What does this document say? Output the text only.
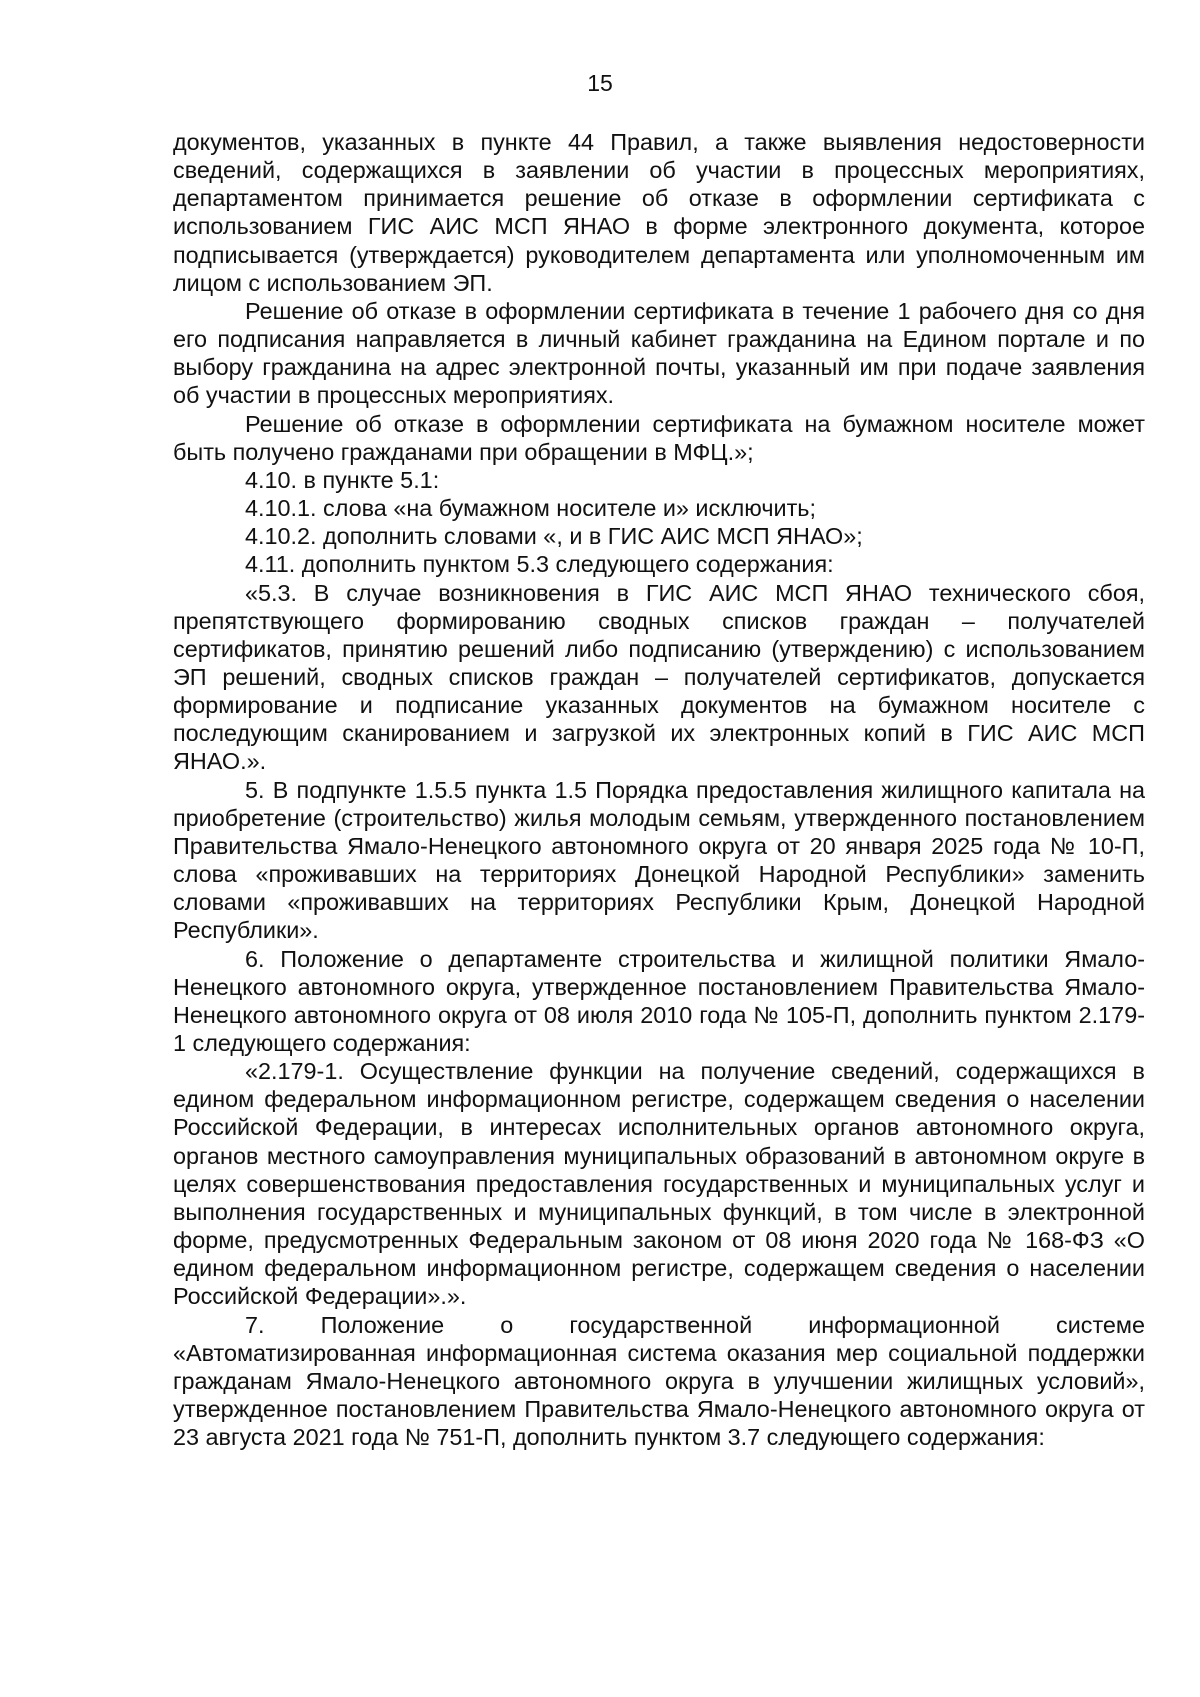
15

документов, указанных в пункте 44 Правил, а также выявления недостоверности сведений, содержащихся в заявлении об участии в процессных мероприятиях, департаментом принимается решение об отказе в оформлении сертификата с использованием ГИС АИС МСП ЯНАО в форме электронного документа, которое подписывается (утверждается) руководителем департамента или уполномоченным им лицом с использованием ЭП.

Решение об отказе в оформлении сертификата в течение 1 рабочего дня со дня его подписания направляется в личный кабинет гражданина на Едином портале и по выбору гражданина на адрес электронной почты, указанный им при подаче заявления об участии в процессных мероприятиях.

Решение об отказе в оформлении сертификата на бумажном носителе может быть получено гражданами при обращении в МФЦ.»;

4.10. в пункте 5.1:

4.10.1. слова «на бумажном носителе и» исключить;

4.10.2. дополнить словами «, и в ГИС АИС МСП ЯНАО»;

4.11. дополнить пунктом 5.3 следующего содержания:

«5.3. В случае возникновения в ГИС АИС МСП ЯНАО технического сбоя, препятствующего формированию сводных списков граждан – получателей сертификатов, принятию решений либо подписанию (утверждению) с использованием ЭП решений, сводных списков граждан – получателей сертификатов, допускается формирование и подписание указанных документов на бумажном носителе с последующим сканированием и загрузкой их электронных копий в ГИС АИС МСП ЯНАО.».

5. В подпункте 1.5.5 пункта 1.5 Порядка предоставления жилищного капитала на приобретение (строительство) жилья молодым семьям, утвержденного постановлением Правительства Ямало-Ненецкого автономного округа от 20 января 2025 года № 10-П, слова «проживавших на территориях Донецкой Народной Республики» заменить словами «проживавших на территориях Республики Крым, Донецкой Народной Республики».

6. Положение о департаменте строительства и жилищной политики Ямало-Ненецкого автономного округа, утвержденное постановлением Правительства Ямало-Ненецкого автономного округа от 08 июля 2010 года № 105-П, дополнить пунктом 2.179-1 следующего содержания:

«2.179-1. Осуществление функции на получение сведений, содержащихся в едином федеральном информационном регистре, содержащем сведения о населении Российской Федерации, в интересах исполнительных органов автономного округа, органов местного самоуправления муниципальных образований в автономном округе в целях совершенствования предоставления государственных и муниципальных услуг и выполнения государственных и муниципальных функций, в том числе в электронной форме, предусмотренных Федеральным законом от 08 июня 2020 года № 168-ФЗ «О едином федеральном информационном регистре, содержащем сведения о населении Российской Федерации».».

7. Положение о государственной информационной системе «Автоматизированная информационная система оказания мер социальной поддержки гражданам Ямало-Ненецкого автономного округа в улучшении жилищных условий», утвержденное постановлением Правительства Ямало-Ненецкого автономного округа от 23 августа 2021 года № 751-П, дополнить пунктом 3.7 следующего содержания:
